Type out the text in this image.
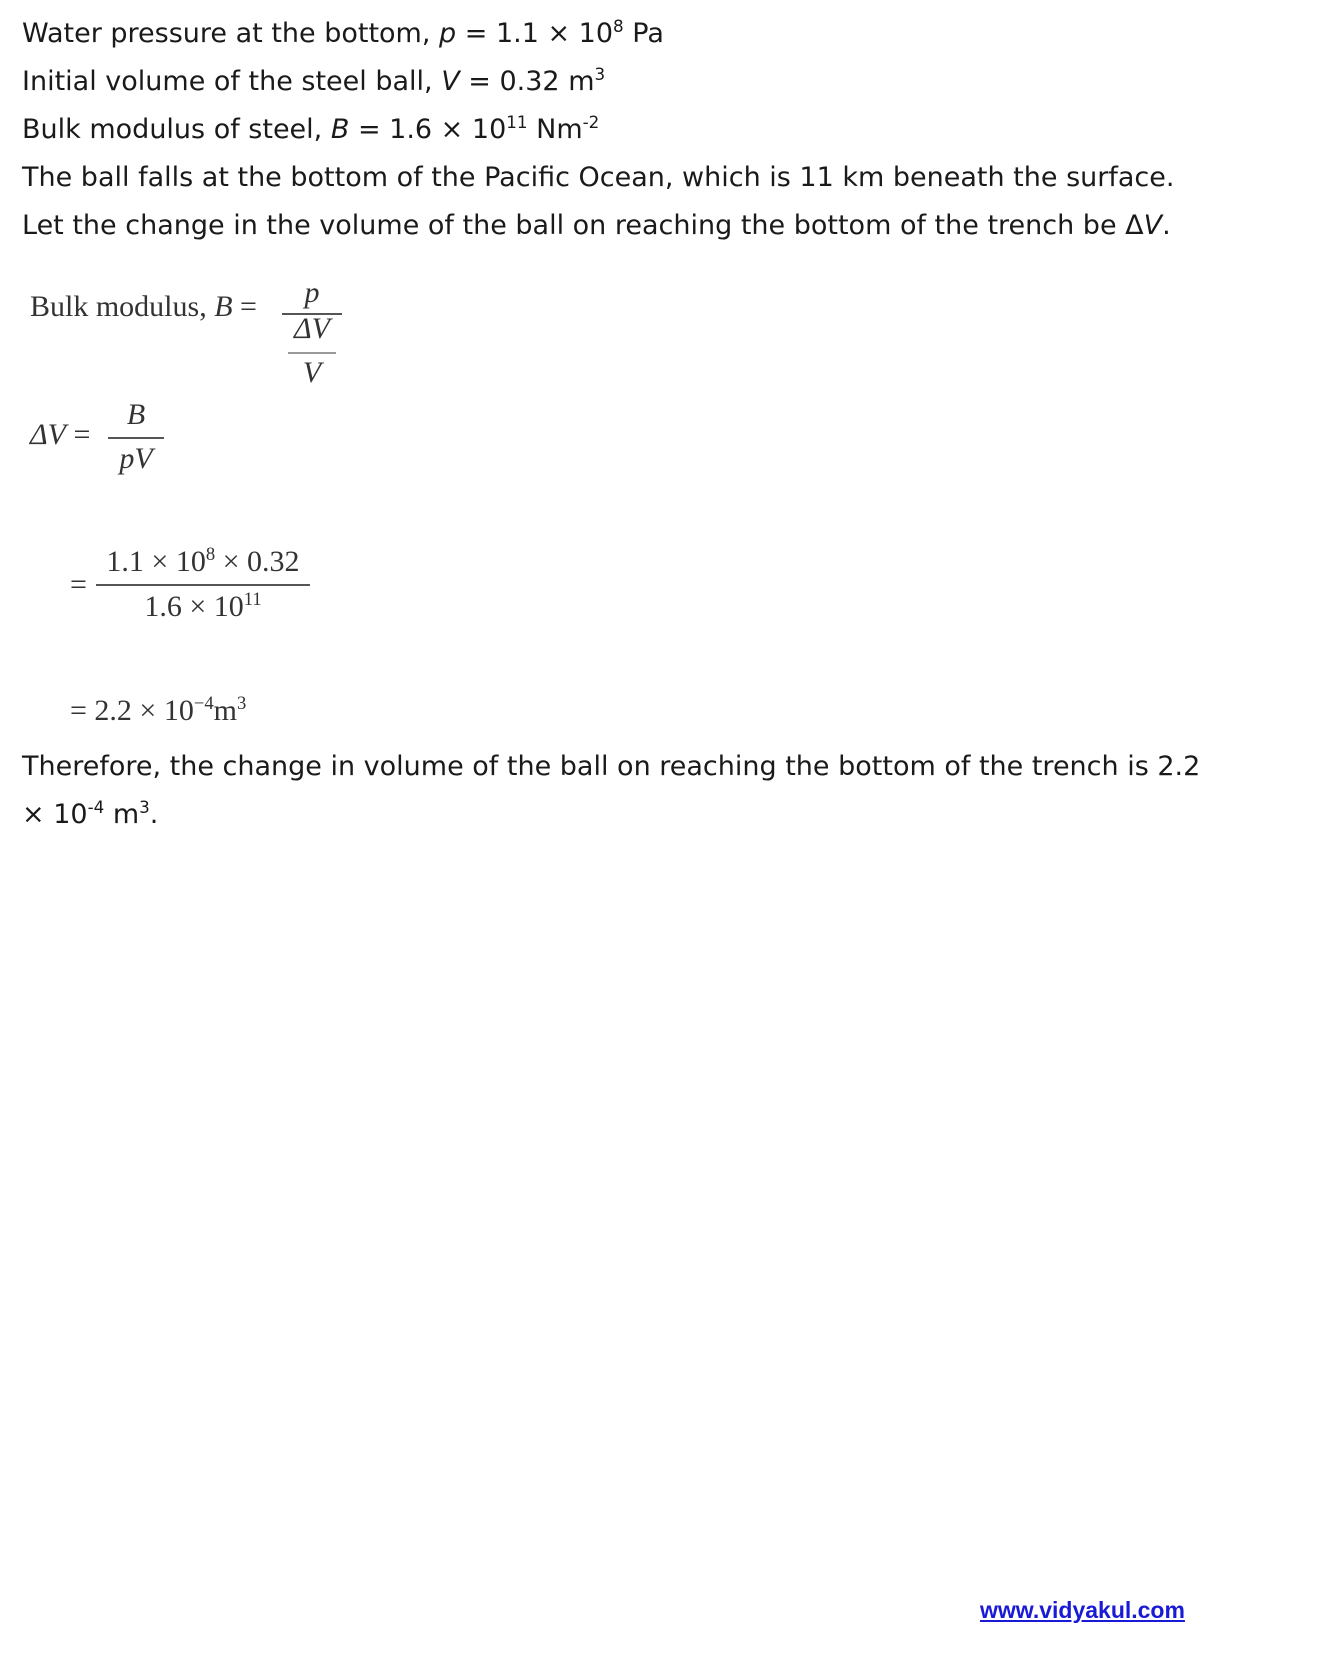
Water pressure at the bottom, $p = 1.1 \times 10^8$ Pa
Initial volume of the steel ball, V = 0.32 $m^3$
Bulk modulus of steel, $B = 1.6 \times 10^{11}$ $Nm^{-2}$
The ball falls at the bottom of the Pacific Ocean, which is 11 km beneath the surface.
Let the change in the volume of the ball on reaching the bottom of the trench be ΔV.
Bulk modulus, B =	p
ΔV
V
ΔV =
B
pV
=
$1.1 \times 10^8 \times 0.32$
$1.6 \times 10^{11}$
= $2.2 \times 10^{-4}m^3$
Therefore, the change in volume of the ball on reaching the bottom of the trench is 2.2
× $10^{-4}$ $m^3$.
www.vidyakul.com
